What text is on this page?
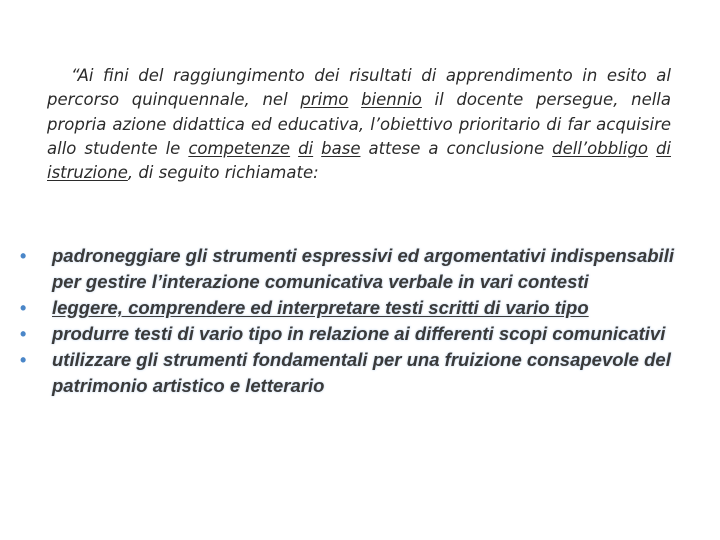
“Ai fini del raggiungimento dei risultati di apprendimento in esito al percorso quinquennale, nel primo biennio il docente persegue, nella propria azione didattica ed educativa, l’obiettivo prioritario di far acquisire allo studente le competenze di base attese a conclusione dell’obbligo di istruzione, di seguito richiamate:
• padroneggiare gli strumenti espressivi ed argomentativi indispensabili per gestire l’interazione comunicativa verbale in vari contesti
• leggere, comprendere ed interpretare testi scritti di vario tipo
• produrre testi di vario tipo in relazione ai differenti scopi comunicativi
• utilizzare gli strumenti fondamentali per una fruizione consapevole del patrimonio artistico e letterario
